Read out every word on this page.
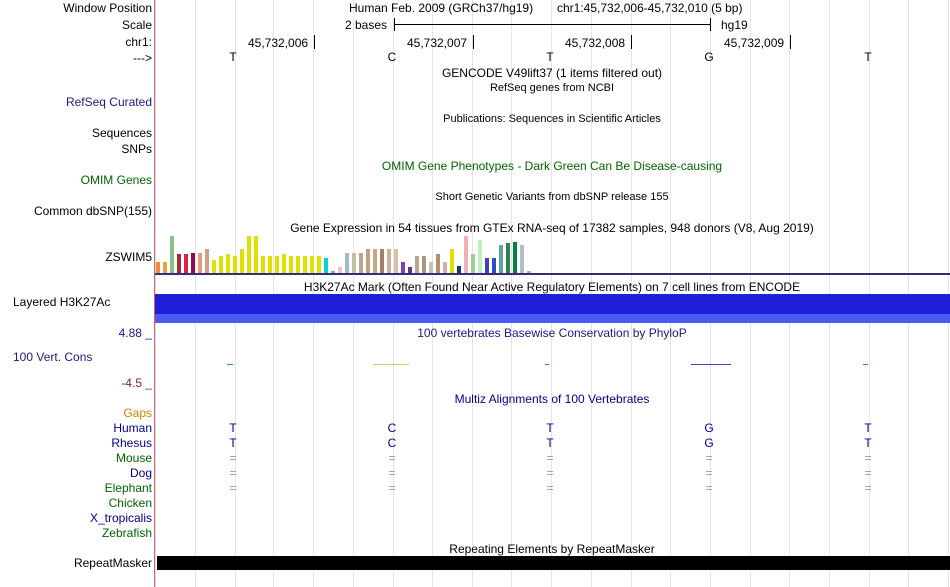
Window Position
Scale
chr1:
--->
RefSeq Curated
Sequences
SNPs
OMIM Genes
Common dbSNP(155)
ZSWIM5
Layered H3K27Ac
4.88 _
100 Vert. Cons
-4.5 _
Gaps
Human
Rhesus
Mouse
Dog
Elephant
Chicken
X_tropicalis
Zebrafish
RepeatMasker
Human Feb. 2009 (GRCh37/hg19) chr1:45,732,006-45,732,010 (5 bp)
2 bases	hg19
45,732,006	45,732,007	45,732,008	45,732,009
T	C	T	G	T
GENCODE V49lift37 (1 items filtered out)
RefSeq genes from NCBI
Publications: Sequences in Scientific Articles
OMIM Gene Phenotypes - Dark Green Can Be Disease-causing
Short Genetic Variants from dbSNP release 155
Gene Expression in 54 tissues from GTEx RNA-seq of 17382 samples, 948 donors (V8, Aug 2019)
H3K27Ac Mark (Often Found Near Active Regulatory Elements) on 7 cell lines from ENCODE
100 vertebrates Basewise Conservation by PhyloP
Multiz Alignments of 100 Vertebrates
T	C	T	G	T
T	C	T	G	T
=	=	=	=	=
=	=	=	=	=
=	=	=	=	=
Repeating Elements by RepeatMasker
